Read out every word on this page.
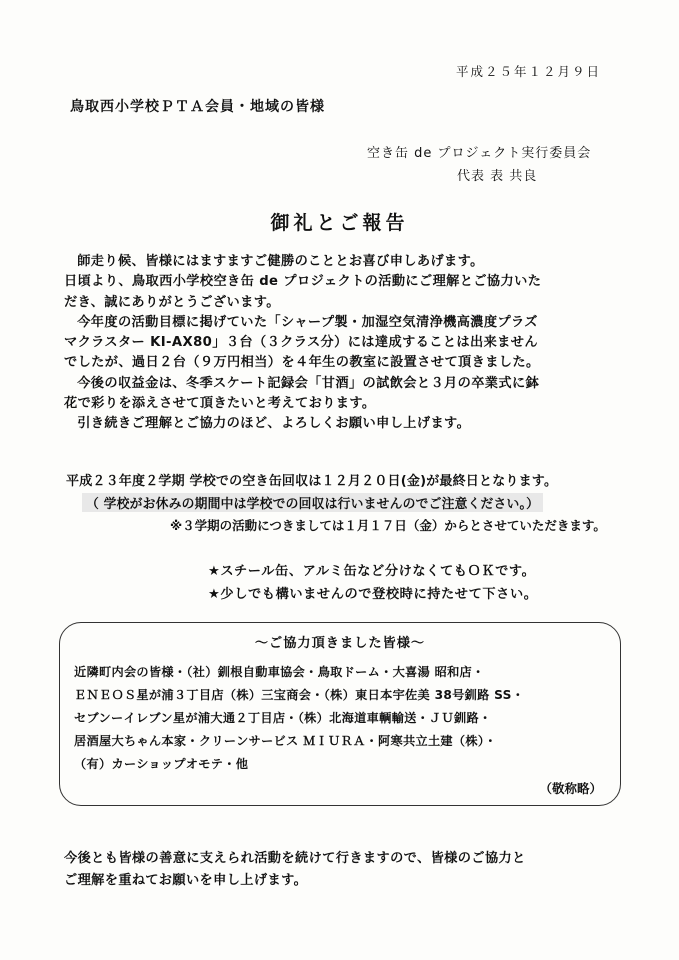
平成２５年１２月９日
鳥取西小学校ＰＴＡ会員・地域の皆様
空き缶 de プロジェクト実行委員会
代表 表 共良
御礼とご報告

師走り候、皆様にはますますご健勝のこととお喜び申しあげます。

日頃より、鳥取西小学校空き缶 de プロジェクトの活動にご理解とご協力いた

だき、誠にありがとうございます。

今年度の活動目標に掲げていた「シャープ製・加湿空気清浄機高濃度プラズ

マクラスター KI-AX80」３台（３クラス分）には達成することは出来ません

でしたが、過日２台（９万円相当）を４年生の教室に設置させて頂きました。

今後の収益金は、冬季スケート記録会「甘酒」の試飲会と３月の卒業式に鉢

花で彩りを添えさせて頂きたいと考えております。

引き続きご理解とご協力のほど、よろしくお願い申し上げます。

平成２３年度２学期 学校での空き缶回収は１２月２０日(金)が最終日となります。
（ 学校がお休みの期間中は学校での回収は行いませんのでご注意ください。）
※３学期の活動につきましては１月１７日（金）からとさせていただきます。
★スチール缶、アルミ缶など分けなくてもＯＫです。
★少しでも構いませんので登校時に持たせて下さい。
～ご協力頂きました皆様～
近隣町内会の皆様・（社）釧根自動車協会・鳥取ドーム・大喜湯 昭和店・
ＥＮＥＯＳ星が浦３丁目店（株）三宝商会・（株）東日本宇佐美 38号釧路 SS・
セブンーイレブン星が浦大通２丁目店・（株）北海道車輌輸送・ＪＵ釧路・
居酒屋大ちゃん本家・クリーンサービス ＭＩＵＲＡ・阿寒共立土建（株）・
（有）カーショップオモテ・他
（敬称略）
今後とも皆様の善意に支えられ活動を続けて行きますので、皆様のご協力と
ご理解を重ねてお願いを申し上げます。
